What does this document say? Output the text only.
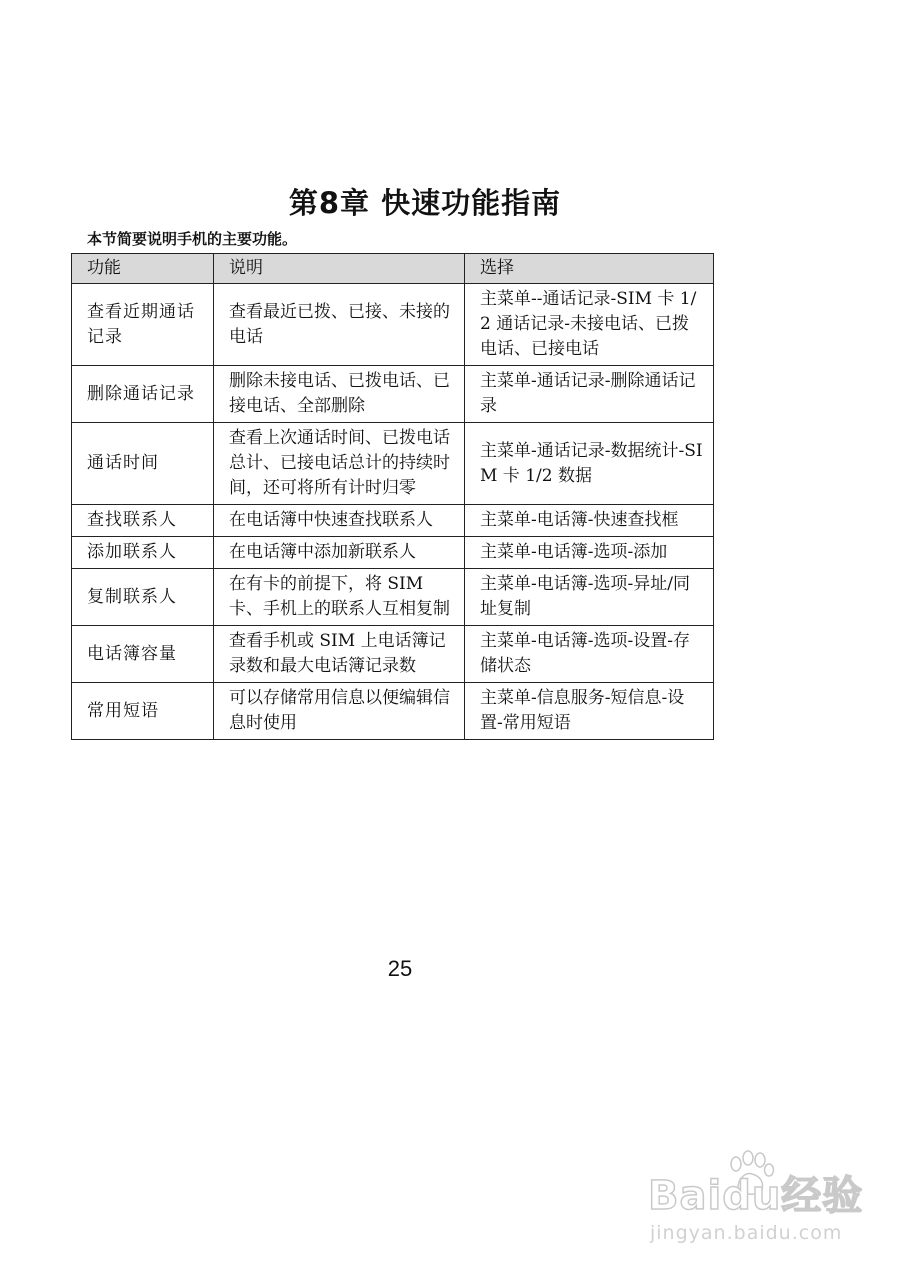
第8章 快速功能指南

本节简要说明手机的主要功能。

功能	说明	选择
查看近期通话记录	查看最近已拨、已接、未接的电话	主菜单--通话记录-SIM 卡 1/2 通话记录-未接电话、已拨电话、已接电话
删除通话记录	删除未接电话、已拨电话、已接电话、全部删除	主菜单-通话记录-删除通话记录
通话时间	查看上次通话时间、已拨电话总计、已接电话总计的持续时间，还可将所有计时归零	主菜单-通话记录-数据统计-SIM 卡 1/2 数据
查找联系人	在电话簿中快速查找联系人	主菜单-电话簿-快速查找框
添加联系人	在电话簿中添加新联系人	主菜单-电话簿-选项-添加
复制联系人	在有卡的前提下，将 SIM 卡、手机上的联系人互相复制	主菜单-电话簿-选项-异址/同址复制
电话簿容量	查看手机或 SIM 上电话簿记录数和最大电话簿记录数	主菜单-电话簿-选项-设置-存储状态
常用短语	可以存储常用信息以便编辑信息时使用	主菜单-信息服务-短信息-设置-常用短语
25
Baidu经验
jingyan.baidu.com
